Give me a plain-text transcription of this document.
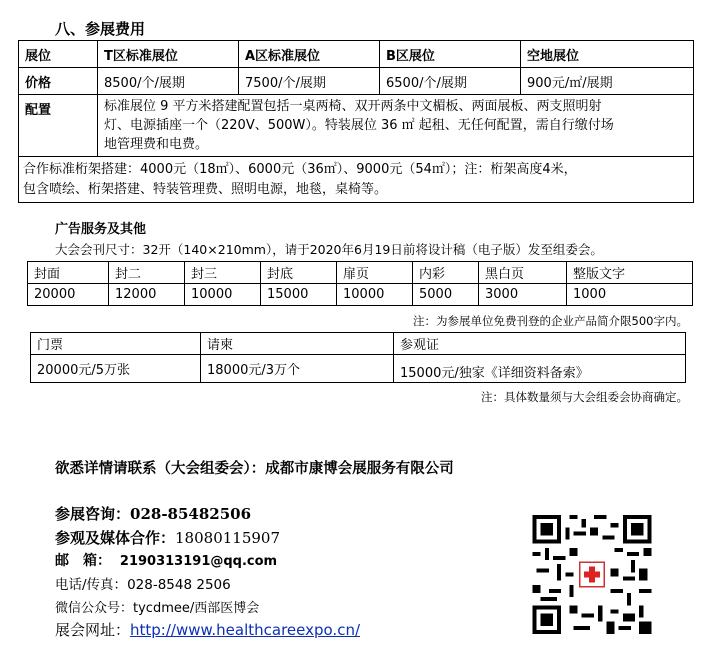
八、参展费用
展位	T区标准展位	A区标准展位	B区展位	空地展位
价格	8500/个/展期	7500/个/展期	6500/个/展期	900元/㎡/展期
配置	标准展位 9 平方米搭建配置包括一桌两椅、双开两条中文楣板、两面展板、两支照明射
灯、电源插座一个（220V、500W）。特装展位 36 ㎡ 起租、无任何配置，需自行缴付场
地管理费和电费。			

合作标准桁架搭建：4000元（18㎡）、6000元（36㎡）、9000元（54㎡）；注：桁架高度4米，
包含喷绘、桁架搭建、特装管理费、照明电源，地毯，桌椅等。				
广告服务及其他
大会会刊尺寸：32开（140×210mm），请于2020年6月19日前将设计稿（电子版）发至组委会。
封面	封二	封三	封底	扉页	内彩	黑白页	整版文字
20000	12000	10000	15000	10000	5000	3000	1000
注：为参展单位免费刊登的企业产品简介限500字内。
门票	请柬	参观证
20000元/5万张	18000元/3万个	15000元/独家《详细资料备索》
注：具体数量须与大会组委会协商确定。
欲悉详情请联系（大会组委会）：成都市康博会展服务有限公司
参展咨询：028-85482506
参观及媒体合作：18080115907
邮　箱： 2190313191@qq.com
电话/传真：028-8548 2506
微信公众号：tycdmee/西部医博会
展会网址：http://www.healthcareexpo.cn/
